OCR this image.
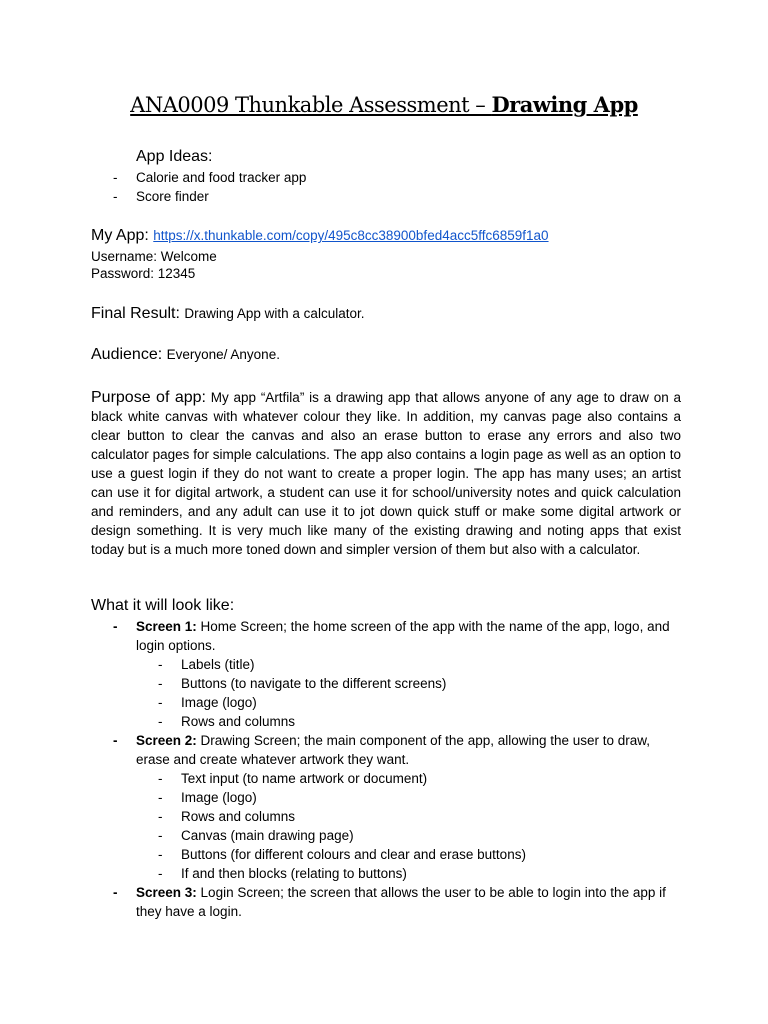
ANA0009 Thunkable Assessment – Drawing App
App Ideas:
- Calorie and food tracker app
- Score finder
My App: https://x.thunkable.com/copy/495c8cc38900bfed4acc5ffc6859f1a0
Username: Welcome
Password: 12345
Final Result: Drawing App with a calculator.
Audience: Everyone/ Anyone.
Purpose of app: My app “Artfila” is a drawing app that allows anyone of any age to draw on a black white canvas with whatever colour they like. In addition, my canvas page also contains a clear button to clear the canvas and also an erase button to erase any errors and also two calculator pages for simple calculations. The app also contains a login page as well as an option to use a guest login if they do not want to create a proper login. The app has many uses; an artist can use it for digital artwork, a student can use it for school/university notes and quick calculation and reminders, and any adult can use it to jot down quick stuff or make some digital artwork or design something. It is very much like many of the existing drawing and noting apps that exist today but is a much more toned down and simpler version of them but also with a calculator.
What it will look like:
- Screen 1: Home Screen; the home screen of the app with the name of the app, logo, and login options.
- Labels (title)
- Buttons (to navigate to the different screens)
- Image (logo)
- Rows and columns
- Screen 2: Drawing Screen; the main component of the app, allowing the user to draw, erase and create whatever artwork they want.
- Text input (to name artwork or document)
- Image (logo)
- Rows and columns
- Canvas (main drawing page)
- Buttons (for different colours and clear and erase buttons)
- If and then blocks (relating to buttons)
- Screen 3: Login Screen; the screen that allows the user to be able to login into the app if they have a login.
